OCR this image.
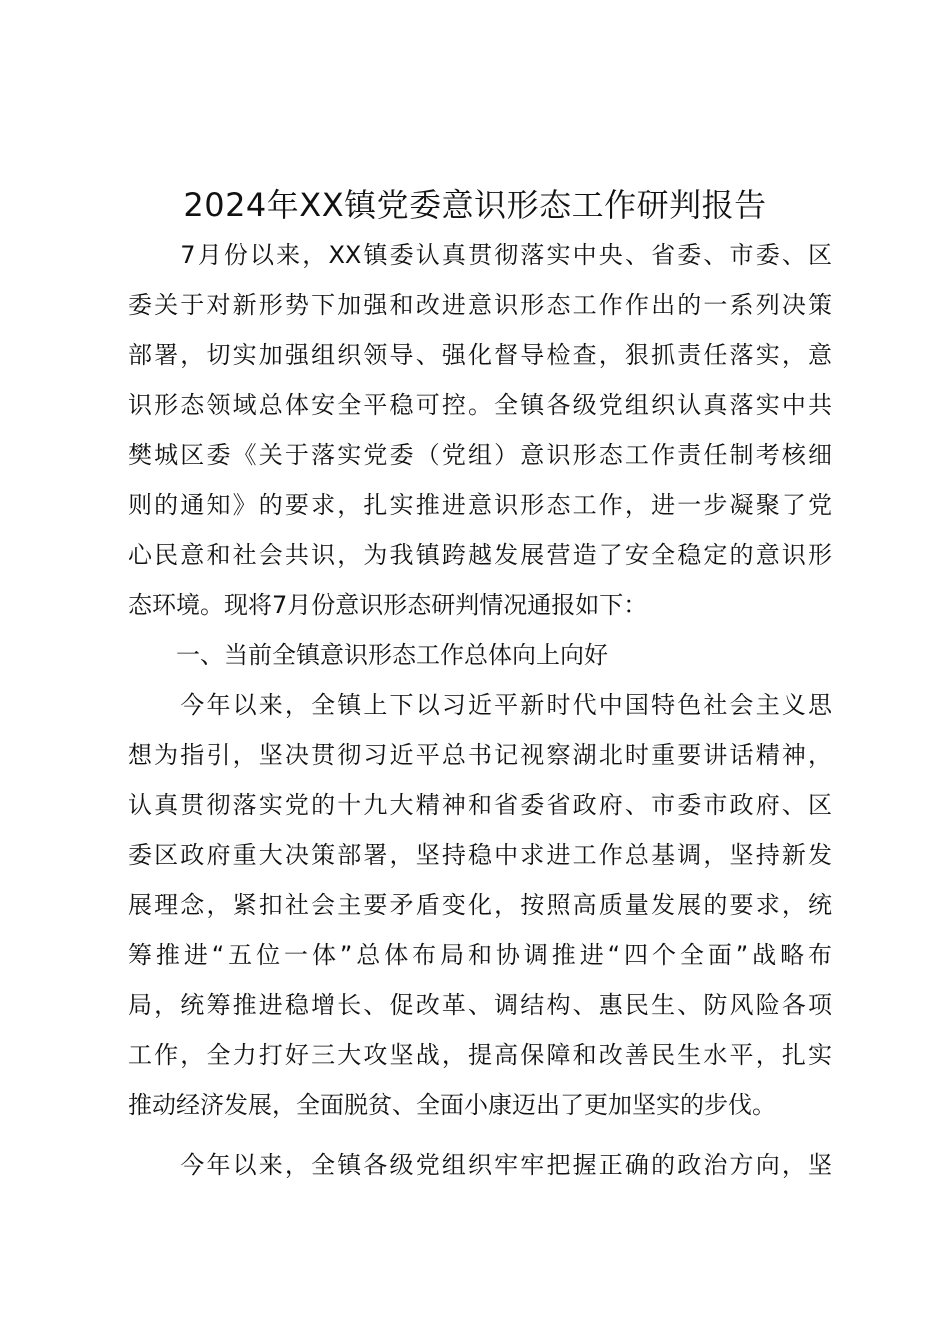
2024年XX镇党委意识形态工作研判报告
　　7月份以来，XX镇委认真贯彻落实中央、省委、市委、区
委关于对新形势下加强和改进意识形态工作作出的一系列决策
部署，切实加强组织领导、强化督导检查，狠抓责任落实，意
识形态领域总体安全平稳可控。全镇各级党组织认真落实中共
樊城区委《关于落实党委（党组）意识形态工作责任制考核细
则的通知》的要求，扎实推进意识形态工作，进一步凝聚了党
心民意和社会共识，为我镇跨越发展营造了安全稳定的意识形
态环境。现将7月份意识形态研判情况通报如下：
　　一、当前全镇意识形态工作总体向上向好
　　今年以来，全镇上下以习近平新时代中国特色社会主义思
想为指引，坚决贯彻习近平总书记视察湖北时重要讲话精神，
认真贯彻落实党的十九大精神和省委省政府、市委市政府、区
委区政府重大决策部署，坚持稳中求进工作总基调，坚持新发
展理念，紧扣社会主要矛盾变化，按照高质量发展的要求，统
筹推进“五位一体”总体布局和协调推进“四个全面”战略布
局，统筹推进稳增长、促改革、调结构、惠民生、防风险各项
工作，全力打好三大攻坚战，提高保障和改善民生水平，扎实
推动经济发展，全面脱贫、全面小康迈出了更加坚实的步伐。
　　今年以来，全镇各级党组织牢牢把握正确的政治方向，坚
